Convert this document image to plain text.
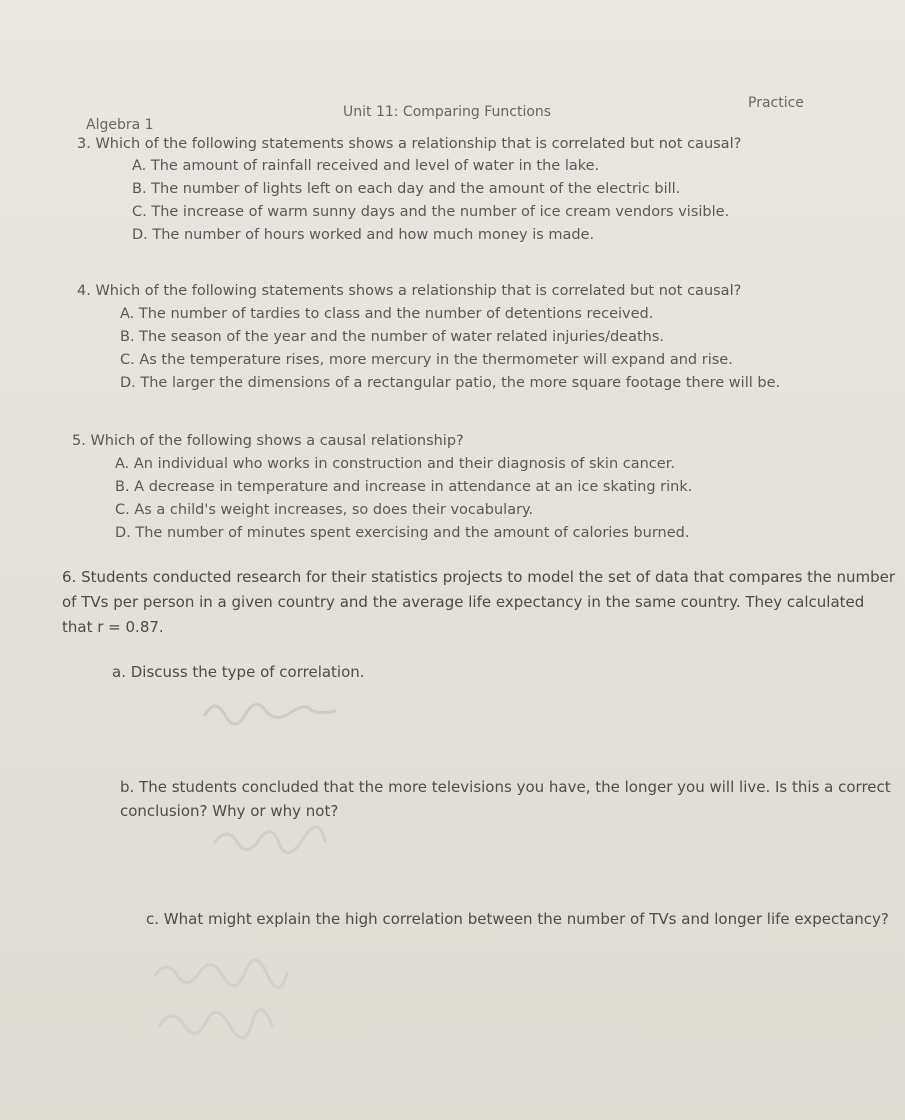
Algebra 1
Unit 11: Comparing Functions
Practice
3. Which of the following statements shows a relationship that is correlated but not causal?
A. The amount of rainfall received and level of water in the lake.
B. The number of lights left on each day and the amount of the electric bill.
C. The increase of warm sunny days and the number of ice cream vendors visible.
D. The number of hours worked and how much money is made.
4. Which of the following statements shows a relationship that is correlated but not causal?
A. The number of tardies to class and the number of detentions received.
B. The season of the year and the number of water related injuries/deaths.
C. As the temperature rises, more mercury in the thermometer will expand and rise.
D. The larger the dimensions of a rectangular patio, the more square footage there will be.
5. Which of the following shows a causal relationship?
A. An individual who works in construction and their diagnosis of skin cancer.
B. A decrease in temperature and increase in attendance at an ice skating rink.
C. As a child's weight increases, so does their vocabulary.
D. The number of minutes spent exercising and the amount of calories burned.
6. Students conducted research for their statistics projects to model the set of data that compares the number
of TVs per person in a given country and the average life expectancy in the same country. They calculated
that r = 0.87.
a. Discuss the type of correlation.
b. The students concluded that the more televisions you have, the longer you will live. Is this a correct
conclusion? Why or why not?
c. What might explain the high correlation between the number of TVs and longer life expectancy?
